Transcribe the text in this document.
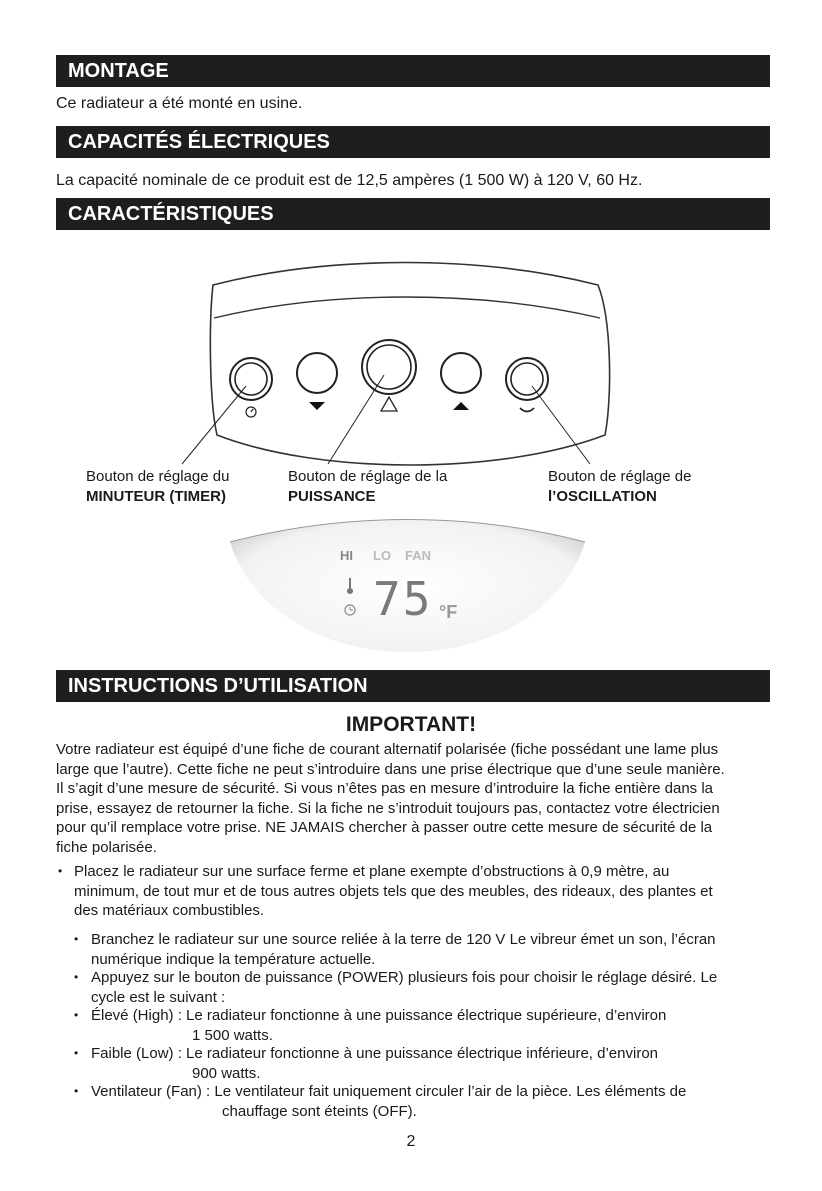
MONTAGE
Ce radiateur a été monté en usine.
CAPACITÉS ÉLECTRIQUES
La capacité nominale de ce produit est de 12,5 ampères (1 500 W) à 120 V, 60 Hz.
CARACTÉRISTIQUES
Bouton de réglage du
MINUTEUR (TIMER)
Bouton de réglage de la
PUISSANCE
Bouton de réglage de
l’OSCILLATION
HI LO FAN
75 °F
INSTRUCTIONS D’UTILISATION
IMPORTANT!
Votre radiateur est équipé d’une fiche de courant alternatif polarisée (fiche possédant une lame plus
large que l’autre). Cette fiche ne peut s’introduire dans une prise électrique que d’une seule manière.
Il s’agit d’une mesure de sécurité. Si vous n’êtes pas en mesure d’introduire la fiche entière dans la
prise, essayez de retourner la fiche. Si la fiche ne s’introduit toujours pas, contactez votre électricien
pour qu’il remplace votre prise. NE JAMAIS chercher à passer outre cette mesure de sécurité de la
fiche polarisée.
• Placez le radiateur sur une surface ferme et plane exempte d’obstructions à 0,9 mètre, au
minimum, de tout mur et de tous autres objets tels que des meubles, des rideaux, des plantes et
des matériaux combustibles.
• Branchez le radiateur sur une source reliée à la terre de 120 V Le vibreur émet un son, l’écran
numérique indique la température actuelle.
• Appuyez sur le bouton de puissance (POWER) plusieurs fois pour choisir le réglage désiré. Le
cycle est le suivant :
• Élevé (High) : Le radiateur fonctionne à une puissance électrique supérieure, d’environ
1 500 watts.
• Faible (Low) : Le radiateur fonctionne à une puissance électrique inférieure, d’environ
900 watts.
• Ventilateur (Fan) : Le ventilateur fait uniquement circuler l’air de la pièce. Les éléments de
chauffage sont éteints (OFF).
2
